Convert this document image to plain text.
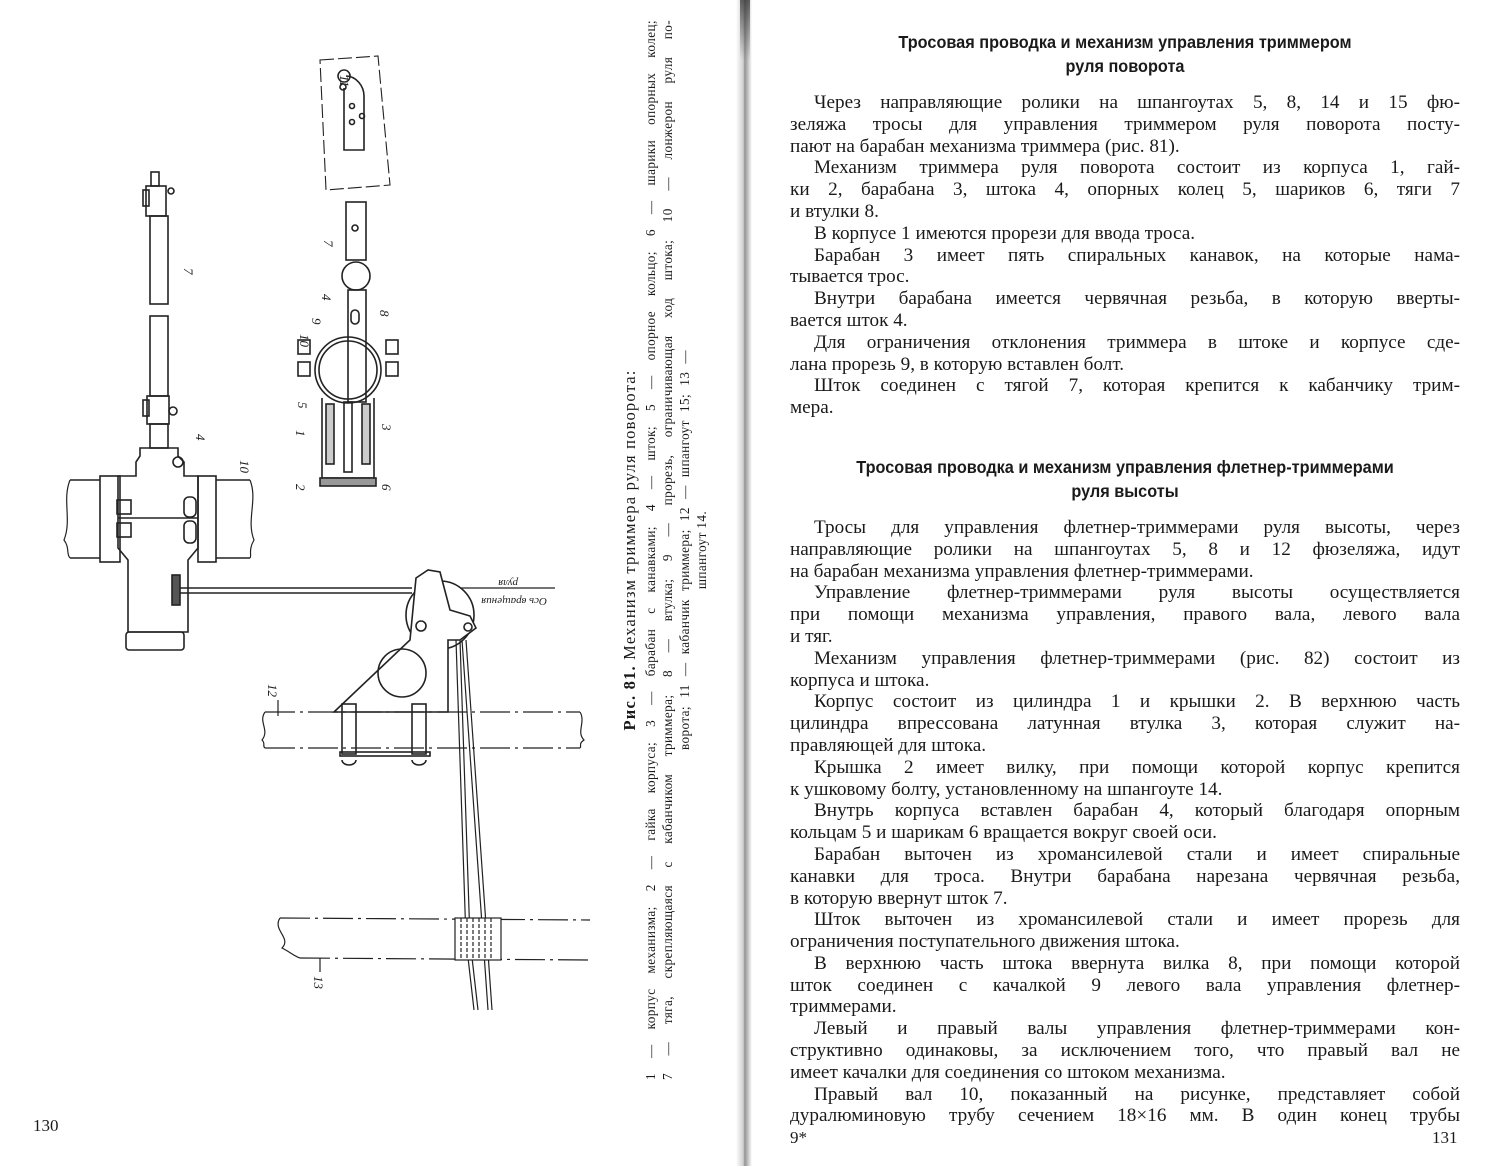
11
7
4
9
10
8
5
1
3
2	6
7
4
10
12
13
Ось вращения
руля
Рис. 81. Механизм триммера руля поворота: 1 — корпус механизма; 2 — гайка корпуса; 3 — барабан с канавками; 4 — шток; 5 — опорное кольцо; 6 — шарики опорных колец; 7 — тяга, скрепляющаяся с кабанчиком триммера; 8 — втулка; 9 — прорезь, ограничивающая ход штока; 10 — лонжерон руля по- ворота; 11 — кабанчик триммера; 12 — шпангоут 15; 13 — шпангоут 14.
130
Тросовая проводка и механизм управления триммером
руля поворота
Через направляющие ролики на шпангоутах 5, 8, 14 и 15 фю-
зеляжа тросы для управления триммером руля поворота посту-
пают на барабан механизма триммера (рис. 81).
Механизм триммера руля поворота состоит из корпуса 1, гай-
ки 2, барабана 3, штока 4, опорных колец 5, шариков 6, тяги 7
и втулки 8.
В корпусе 1 имеются прорези для ввода троса.
Барабан 3 имеет пять спиральных канавок, на которые нама-
тывается трос.
Внутри барабана имеется червячная резьба, в которую вверты-
вается шток 4.
Для ограничения отклонения триммера в штоке и корпусе сде-
лана прорезь 9, в которую вставлен болт.
Шток соединен с тягой 7, которая крепится к кабанчику трим-
мера.
Тросовая проводка и механизм управления флетнер-триммерами
руля высоты
Тросы для управления флетнер-триммерами руля высоты, через
направляющие ролики на шпангоутах 5, 8 и 12 фюзеляжа, идут
на барабан механизма управления флетнер-триммерами.
Управление флетнер-триммерами руля высоты осуществляется
при помощи механизма управления, правого вала, левого вала
и тяг.
Механизм управления флетнер-триммерами (рис. 82) состоит из
корпуса и штока.
Корпус состоит из цилиндра 1 и крышки 2. В верхнюю часть
цилиндра впрессована латунная втулка 3, которая служит на-
правляющей для штока.
Крышка 2 имеет вилку, при помощи которой корпус крепится
к ушковому болту, установленному на шпангоуте 14.
Внутрь корпуса вставлен барабан 4, который благодаря опорным
кольцам 5 и шарикам 6 вращается вокруг своей оси.
Барабан выточен из хромансилевой стали и имеет спиральные
канавки для троса. Внутри барабана нарезана червячная резьба,
в которую ввернут шток 7.
Шток выточен из хромансилевой стали и имеет прорезь для
ограничения поступательного движения штока.
В верхнюю часть штока ввернута вилка 8, при помощи которой
шток соединен с качалкой 9 левого вала управления флетнер-
триммерами.
Левый и правый валы управления флетнер-триммерами кон-
структивно одинаковы, за исключением того, что правый вал не
имеет качалки для соединения со штоком механизма.
Правый вал 10, показанный на рисунке, представляет собой
дуралюминовую трубу сечением 18×16 мм. В один конец трубы
9*	131
